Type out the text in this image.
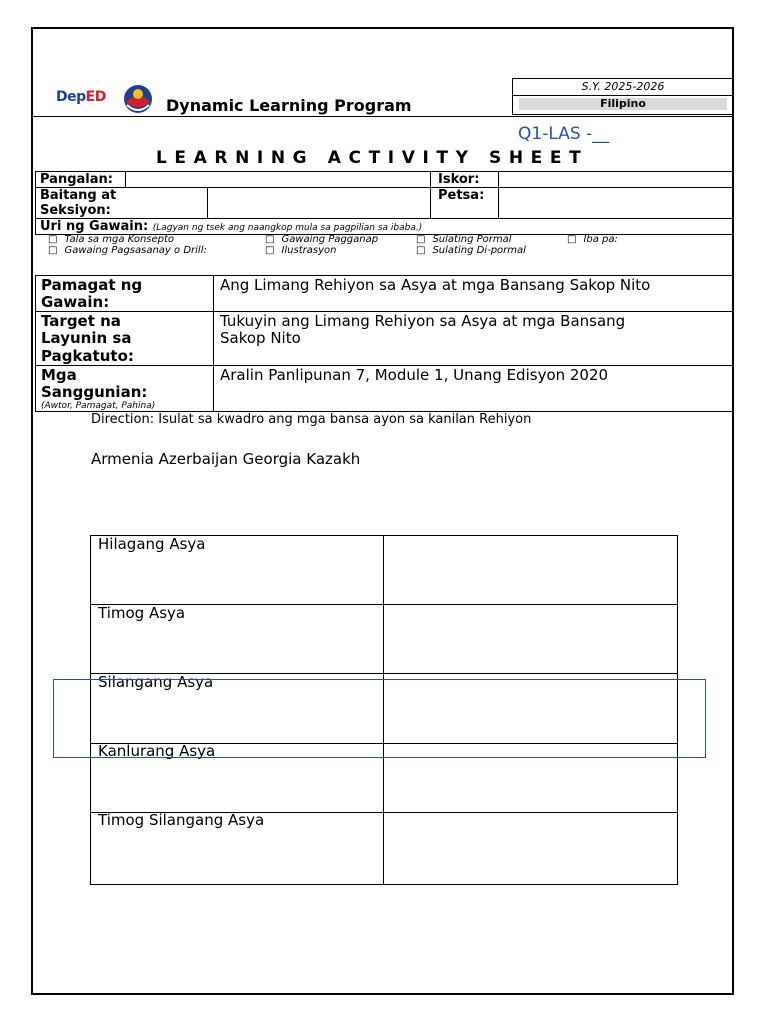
DepED	Dynamic Learning Program
S.Y. 2025-2026
Filipino
Q1-LAS -__
LEARNING ACTIVITY SHEET
Pangalan:	Iskor:
Baitang at
Seksiyon:
Petsa:
Uri ng Gawain: (Lagyan ng tsek ang naangkop mula sa pagpilian sa ibaba.)
□ Tala sa mga Konsepto	□ Gawaing Pagganap	□ Sulating Pormal	□ Iba pa:
□ Gawaing Pagsasanay o Drill:	□ Ilustrasyon	□ Sulating Di-pormal
Pamagat ng
Gawain:
Ang Limang Rehiyon sa Asya at mga Bansang Sakop Nito
Target na
Layunin sa
Pagkatuto:
Tukuyin ang Limang Rehiyon sa Asya at mga Bansang
Sakop Nito
Mga
Sanggunian:
(Awtor, Pamagat, Pahina)
Aralin Panlipunan 7, Module 1, Unang Edisyon 2020
Direction: Isulat sa kwadro ang mga bansa ayon sa kanilan Rehiyon
Armenia Azerbaijan Georgia Kazakh
Hilagang Asya
Timog Asya
Silangang Asya
Kanlurang Asya
Timog Silangang Asya
